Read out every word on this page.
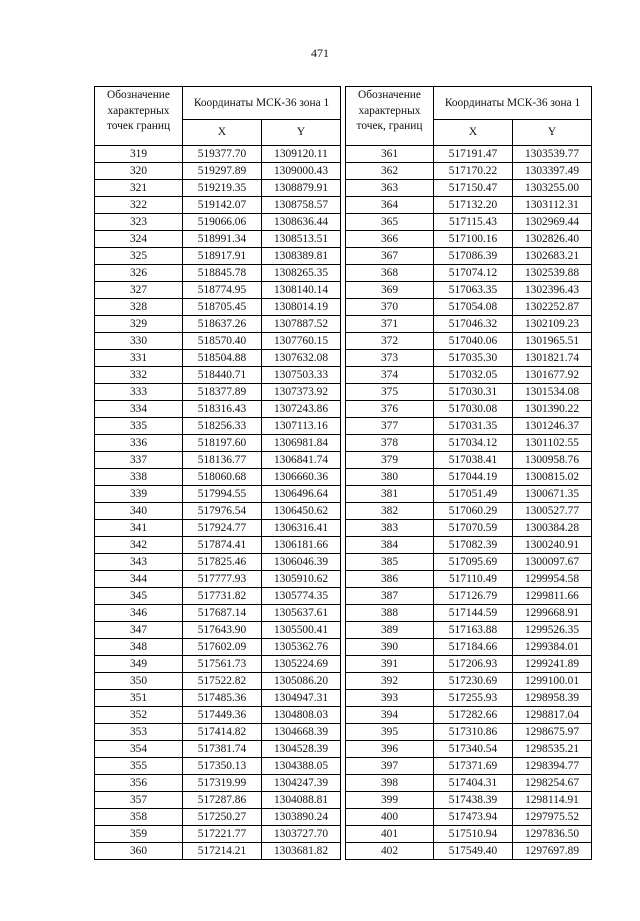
471
Обозначение характерных точек границ	Координаты МСК-36 зона 1	
	X	Y
319	519377.70	1309120.11
320	519297.89	1309000.43
321	519219.35	1308879.91
322	519142.07	1308758.57
323	519066.06	1308636.44
324	518991.34	1308513.51
325	518917.91	1308389.81
326	518845.78	1308265.35
327	518774.95	1308140.14
328	518705.45	1308014.19
329	518637.26	1307887.52
330	518570.40	1307760.15
331	518504.88	1307632.08
332	518440.71	1307503.33
333	518377.89	1307373.92
334	518316.43	1307243.86
335	518256.33	1307113.16
336	518197.60	1306981.84
337	518136.77	1306841.74
338	518060.68	1306660.36
339	517994.55	1306496.64
340	517976.54	1306450.62
341	517924.77	1306316.41
342	517874.41	1306181.66
343	517825.46	1306046.39
344	517777.93	1305910.62
345	517731.82	1305774.35
346	517687.14	1305637.61
347	517643.90	1305500.41
348	517602.09	1305362.76
349	517561.73	1305224.69
350	517522.82	1305086.20
351	517485.36	1304947.31
352	517449.36	1304808.03
353	517414.82	1304668.39
354	517381.74	1304528.39
355	517350.13	1304388.05
356	517319.99	1304247.39
357	517287.86	1304088.81
358	517250.27	1303890.24
359	517221.77	1303727.70
360	517214.21	1303681.82
Обозначение характерных точек, границ	Координаты МСК-36 зона 1	
	X	Y
361	517191.47	1303539.77
362	517170.22	1303397.49
363	517150.47	1303255.00
364	517132.20	1303112.31
365	517115.43	1302969.44
366	517100.16	1302826.40
367	517086.39	1302683.21
368	517074.12	1302539.88
369	517063.35	1302396.43
370	517054.08	1302252.87
371	517046.32	1302109.23
372	517040.06	1301965.51
373	517035.30	1301821.74
374	517032.05	1301677.92
375	517030.31	1301534.08
376	517030.08	1301390.22
377	517031.35	1301246.37
378	517034.12	1301102.55
379	517038.41	1300958.76
380	517044.19	1300815.02
381	517051.49	1300671.35
382	517060.29	1300527.77
383	517070.59	1300384.28
384	517082.39	1300240.91
385	517095.69	1300097.67
386	517110.49	1299954.58
387	517126.79	1299811.66
388	517144.59	1299668.91
389	517163.88	1299526.35
390	517184.66	1299384.01
391	517206.93	1299241.89
392	517230.69	1299100.01
393	517255.93	1298958.39
394	517282.66	1298817.04
395	517310.86	1298675.97
396	517340.54	1298535.21
397	517371.69	1298394.77
398	517404.31	1298254.67
399	517438.39	1298114.91
400	517473.94	1297975.52
401	517510.94	1297836.50
402	517549.40	1297697.89
